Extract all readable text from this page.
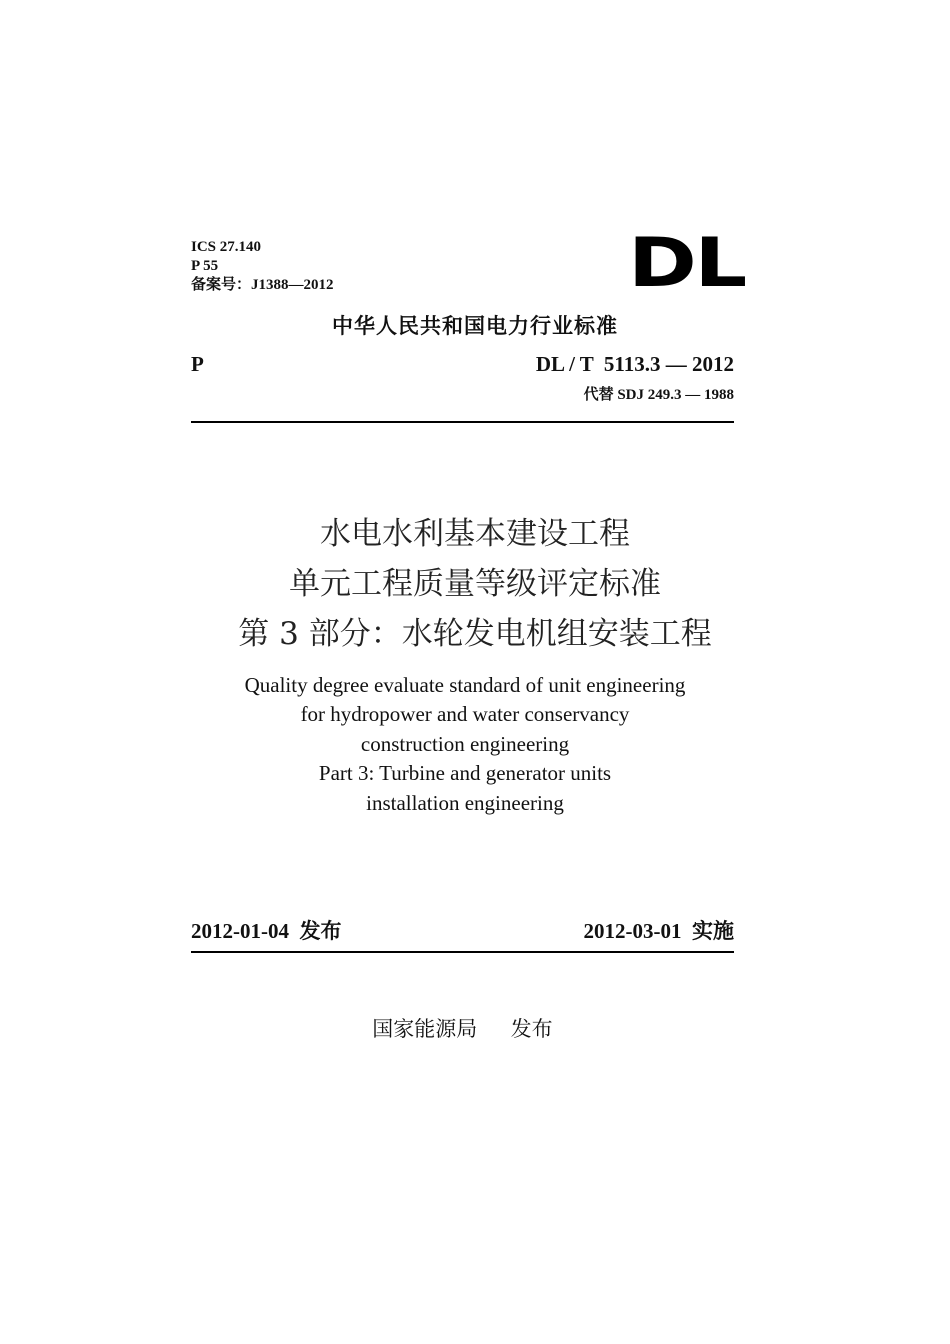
ICS 27.140
P 55
备案号：J1388—2012	DL
中华人民共和国电力行业标准
P	DL / T  5113.3 — 2012
代替 SDJ 249.3 — 1988
水电水利基本建设工程
单元工程质量等级评定标准
第 3 部分：水轮发电机组安装工程
Quality degree evaluate standard of unit engineering
for hydropower and water conservancy
construction engineering
Part 3: Turbine and generator units
installation engineering
2012-01-04  发布	2012-03-01  实施
国家能源局     发布
